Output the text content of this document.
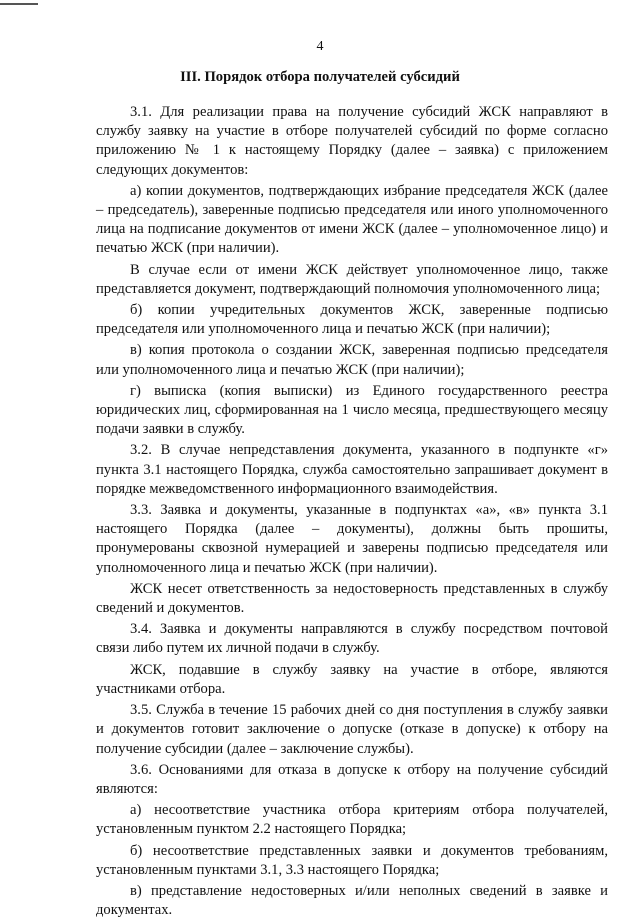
4
III. Порядок отбора получателей субсидий

3.1. Для реализации права на получение субсидий ЖСК направляют в службу заявку на участие в отборе получателей субсидий по форме согласно приложению № 1 к настоящему Порядку (далее – заявка) с приложением следующих документов:

а) копии документов, подтверждающих избрание председателя ЖСК (далее – председатель), заверенные подписью председателя или иного уполномоченного лица на подписание документов от имени ЖСК (далее – уполномоченное лицо) и печатью ЖСК (при наличии).

В случае если от имени ЖСК действует уполномоченное лицо, также представляется документ, подтверждающий полномочия уполномоченного лица;

б) копии учредительных документов ЖСК, заверенные подписью председателя или уполномоченного лица и печатью ЖСК (при наличии);

в) копия протокола о создании ЖСК, заверенная подписью председателя или уполномоченного лица и печатью ЖСК (при наличии);

г) выписка (копия выписки) из Единого государственного реестра юридических лиц, сформированная на 1 число месяца, предшествующего месяцу подачи заявки в службу.

3.2. В случае непредставления документа, указанного в подпункте «г» пункта 3.1 настоящего Порядка, служба самостоятельно запрашивает документ в порядке межведомственного информационного взаимодействия.

3.3. Заявка и документы, указанные в подпунктах «а», «в» пункта 3.1 настоящего Порядка (далее – документы), должны быть прошиты, пронумерованы сквозной нумерацией и заверены подписью председателя или уполномоченного лица и печатью ЖСК (при наличии).

ЖСК несет ответственность за недостоверность представленных в службу сведений и документов.

3.4. Заявка и документы направляются в службу посредством почтовой связи либо путем их личной подачи в службу.

ЖСК, подавшие в службу заявку на участие в отборе, являются участниками отбора.

3.5. Служба в течение 15 рабочих дней со дня поступления в службу заявки и документов готовит заключение о допуске (отказе в допуске) к отбору на получение субсидии (далее – заключение службы).

3.6. Основаниями для отказа в допуске к отбору на получение субсидий являются:

а) несоответствие участника отбора критериям отбора получателей, установленным пунктом 2.2 настоящего Порядка;

б) несоответствие представленных заявки и документов требованиям, установленным пунктами 3.1, 3.3 настоящего Порядка;

в) представление недостоверных и/или неполных сведений в заявке и документах.
